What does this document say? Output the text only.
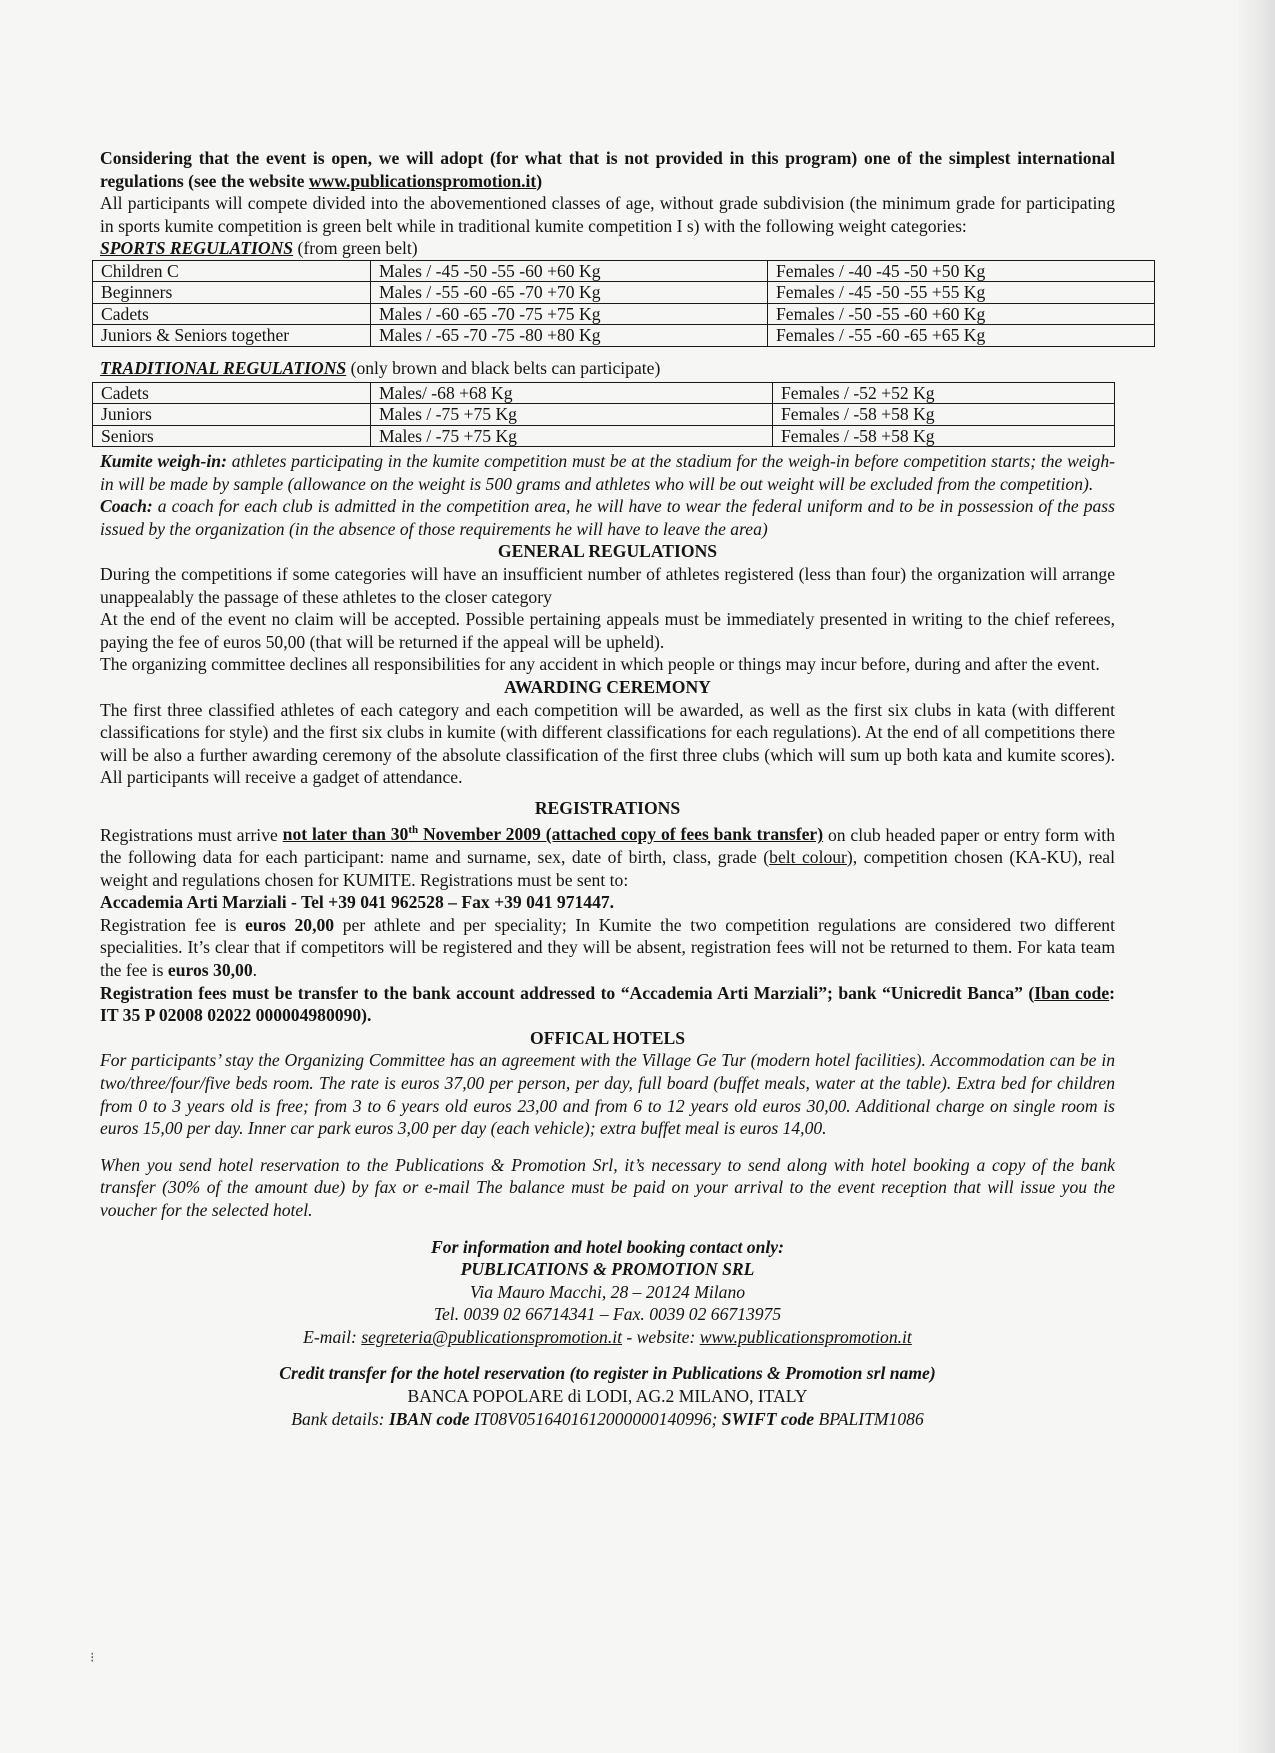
Considering that the event is open, we will adopt (for what that is not provided in this program) one of the simplest international regulations (see the website www.publicationspromotion.it)

All participants will compete divided into the abovementioned classes of age, without grade subdivision (the minimum grade for participating in sports kumite competition is green belt while in traditional kumite competition I s) with the following weight categories:

SPORTS REGULATIONS (from green belt)

Children C	Males / -45 -50 -55 -60 +60 Kg	Females / -40 -45 -50 +50 Kg
Beginners	Males / -55 -60 -65 -70 +70 Kg	Females / -45 -50 -55 +55 Kg
Cadets	Males / -60 -65 -70 -75 +75 Kg	Females / -50 -55 -60 +60 Kg
Juniors & Seniors together	Males / -65 -70 -75 -80 +80 Kg	Females / -55 -60 -65 +65 Kg

TRADITIONAL REGULATIONS (only brown and black belts can participate)

Cadets	Males/ -68 +68 Kg	Females / -52 +52 Kg
Juniors	Males / -75 +75 Kg	Females / -58 +58 Kg
Seniors	Males / -75 +75 Kg	Females / -58 +58 Kg

Kumite weigh-in: athletes participating in the kumite competition must be at the stadium for the weigh-in before competition starts; the weigh-in will be made by sample (allowance on the weight is 500 grams and athletes who will be out weight will be excluded from the competition).

Coach: a coach for each club is admitted in the competition area, he will have to wear the federal uniform and to be in possession of the pass issued by the organization (in the absence of those requirements he will have to leave the area)

GENERAL REGULATIONS

During the competitions if some categories will have an insufficient number of athletes registered (less than four) the organization will arrange unappealably the passage of these athletes to the closer category

At the end of the event no claim will be accepted. Possible pertaining appeals must be immediately presented in writing to the chief referees, paying the fee of euros 50,00 (that will be returned if the appeal will be upheld).

The organizing committee declines all responsibilities for any accident in which people or things may incur before, during and after the event.

AWARDING CEREMONY

The first three classified athletes of each category and each competition will be awarded, as well as the first six clubs in kata (with different classifications for style) and the first six clubs in kumite (with different classifications for each regulations). At the end of all competitions there will be also a further awarding ceremony of the absolute classification of the first three clubs (which will sum up both kata and kumite scores). All participants will receive a gadget of attendance.

REGISTRATIONS

Registrations must arrive not later than 30th November 2009 (attached copy of fees bank transfer) on club headed paper or entry form with the following data for each participant: name and surname, sex, date of birth, class, grade (belt colour), competition chosen (KA-KU), real weight and regulations chosen for KUMITE. Registrations must be sent to:

Accademia Arti Marziali - Tel +39 041 962528 – Fax +39 041 971447.

Registration fee is euros 20,00 per athlete and per speciality; In Kumite the two competition regulations are considered two different specialities. It’s clear that if competitors will be registered and they will be absent, registration fees will not be returned to them. For kata team the fee is euros 30,00.

Registration fees must be transfer to the bank account addressed to “Accademia Arti Marziali”; bank “Unicredit Banca” (Iban code: IT 35 P 02008 02022 000004980090).

OFFICAL HOTELS

For participants’ stay the Organizing Committee has an agreement with the Village Ge Tur (modern hotel facilities). Accommodation can be in two/three/four/five beds room. The rate is euros 37,00 per person, per day, full board (buffet meals, water at the table). Extra bed for children from 0 to 3 years old is free; from 3 to 6 years old euros 23,00 and from 6 to 12 years old euros 30,00. Additional charge on single room is euros 15,00 per day. Inner car park euros 3,00 per day (each vehicle); extra buffet meal is euros 14,00.

When you send hotel reservation to the Publications & Promotion Srl, it’s necessary to send along with hotel booking a copy of the bank transfer (30% of the amount due) by fax or e-mail The balance must be paid on your arrival to the event reception that will issue you the voucher for the selected hotel.

For information and hotel booking contact only:
PUBLICATIONS & PROMOTION SRL
Via Mauro Macchi, 28 – 20124 Milano
Tel. 0039 02 66714341 – Fax. 0039 02 66713975
E-mail: segreteria@publicationspromotion.it - website: www.publicationspromotion.it
Credit transfer for the hotel reservation (to register in Publications & Promotion srl name)
BANCA POPOLARE di LODI, AG.2 MILANO, ITALY
Bank details: IBAN code IT08V0516401612000000140996; SWIFT code BPALITM1086
⁝
